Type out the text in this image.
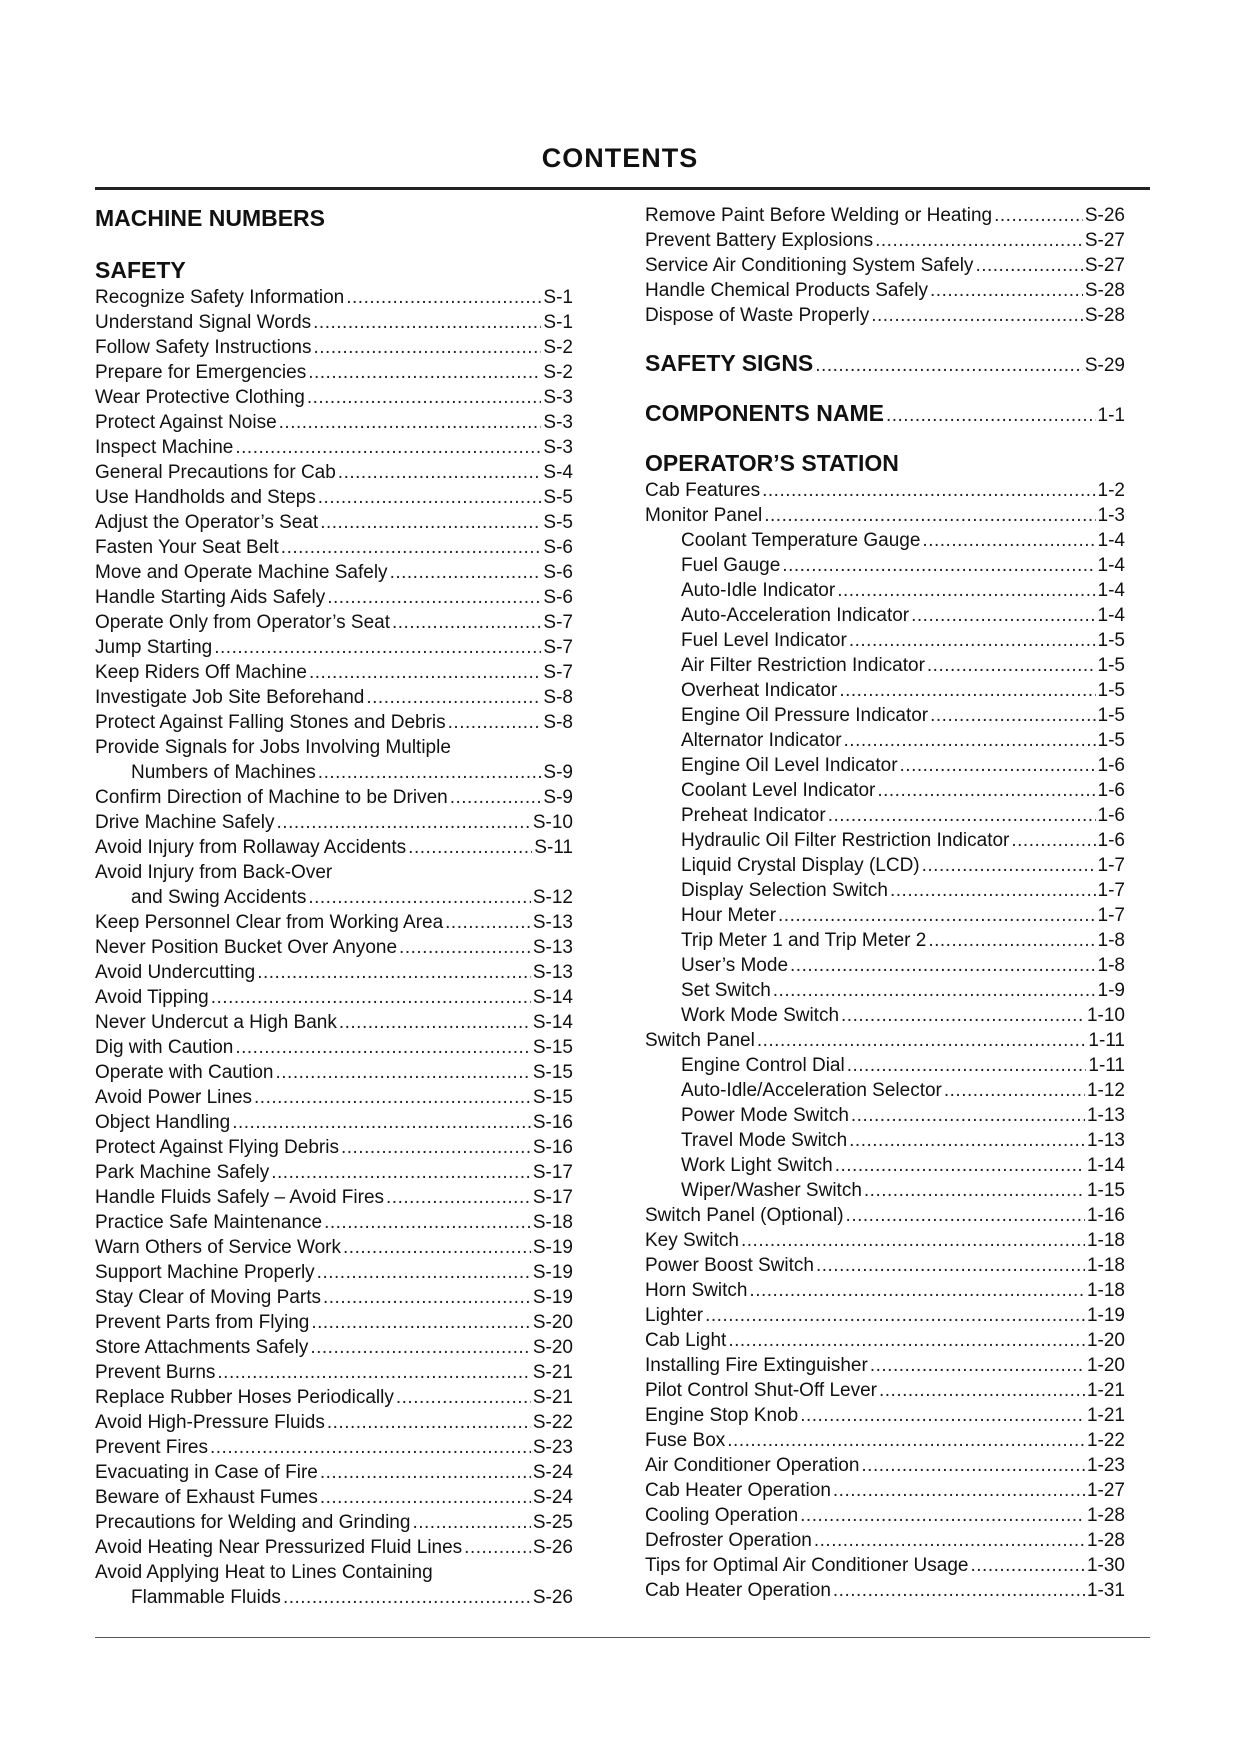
CONTENTS
MACHINE NUMBERS
SAFETY
Recognize Safety Information .....	S-1
Understand Signal Words .....	S-1
Follow Safety Instructions .....	S-2
Prepare for Emergencies .....	S-2
Wear Protective Clothing .....	S-3
Protect Against Noise .....	S-3
Inspect Machine .....	S-3
General Precautions for Cab .....	S-4
Use Handholds and Steps .....	S-5
Adjust the Operator’s Seat .....	S-5
Fasten Your Seat Belt .....	S-6
Move and Operate Machine Safely .....	S-6
Handle Starting Aids Safely .....	S-6
Operate Only from Operator’s Seat .....	S-7
Jump Starting .....	S-7
Keep Riders Off Machine .....	S-7
Investigate Job Site Beforehand .....	S-8
Protect Against Falling Stones and Debris .....	S-8
Provide Signals for Jobs Involving Multiple
Numbers of Machines .....	S-9
Confirm Direction of Machine to be Driven .....	S-9
Drive Machine Safely .....	S-10
Avoid Injury from Rollaway Accidents .....	S-11
Avoid Injury from Back-Over
and Swing Accidents .....	S-12
Keep Personnel Clear from Working Area .....	S-13
Never Position Bucket Over Anyone .....	S-13
Avoid Undercutting .....	S-13
Avoid Tipping .....	S-14
Never Undercut a High Bank .....	S-14
Dig with Caution .....	S-15
Operate with Caution .....	S-15
Avoid Power Lines .....	S-15
Object Handling .....	S-16
Protect Against Flying Debris .....	S-16
Park Machine Safely .....	S-17
Handle Fluids Safely – Avoid Fires .....	S-17
Practice Safe Maintenance .....	S-18
Warn Others of Service Work .....	S-19
Support Machine Properly .....	S-19
Stay Clear of Moving Parts .....	S-19
Prevent Parts from Flying .....	S-20
Store Attachments Safely .....	S-20
Prevent Burns .....	S-21
Replace Rubber Hoses Periodically .....	S-21
Avoid High-Pressure Fluids .....	S-22
Prevent Fires .....	S-23
Evacuating in Case of Fire .....	S-24
Beware of Exhaust Fumes .....	S-24
Precautions for Welding and Grinding .....	S-25
Avoid Heating Near Pressurized Fluid Lines .....	S-26
Avoid Applying Heat to Lines Containing
Flammable Fluids .....	S-26
Remove Paint Before Welding or Heating .....	S-26
Prevent Battery Explosions .....	S-27
Service Air Conditioning System Safely .....	S-27
Handle Chemical Products Safely .....	S-28
Dispose of Waste Properly .....	S-28
SAFETY SIGNS .....	S-29
COMPONENTS NAME .....	1-1
OPERATOR’S STATION
Cab Features .....	1-2
Monitor Panel .....	1-3
Coolant Temperature Gauge .....	1-4
Fuel Gauge .....	1-4
Auto-Idle Indicator .....	1-4
Auto-Acceleration Indicator .....	1-4
Fuel Level Indicator .....	1-5
Air Filter Restriction Indicator .....	1-5
Overheat Indicator .....	1-5
Engine Oil Pressure Indicator .....	1-5
Alternator Indicator .....	1-5
Engine Oil Level Indicator .....	1-6
Coolant Level Indicator .....	1-6
Preheat Indicator .....	1-6
Hydraulic Oil Filter Restriction Indicator .....	1-6
Liquid Crystal Display (LCD) .....	1-7
Display Selection Switch .....	1-7
Hour Meter .....	1-7
Trip Meter 1 and Trip Meter 2 .....	1-8
User’s Mode .....	1-8
Set Switch .....	1-9
Work Mode Switch .....	1-10
Switch Panel .....	1-11
Engine Control Dial .....	1-11
Auto-Idle/Acceleration Selector .....	1-12
Power Mode Switch .....	1-13
Travel Mode Switch .....	1-13
Work Light Switch .....	1-14
Wiper/Washer Switch .....	1-15
Switch Panel (Optional) .....	1-16
Key Switch .....	1-18
Power Boost Switch .....	1-18
Horn Switch .....	1-18
Lighter .....	1-19
Cab Light .....	1-20
Installing Fire Extinguisher .....	1-20
Pilot Control Shut-Off Lever .....	1-21
Engine Stop Knob .....	1-21
Fuse Box .....	1-22
Air Conditioner Operation .....	1-23
Cab Heater Operation .....	1-27
Cooling Operation .....	1-28
Defroster Operation .....	1-28
Tips for Optimal Air Conditioner Usage .....	1-30
Cab Heater Operation .....	1-31
